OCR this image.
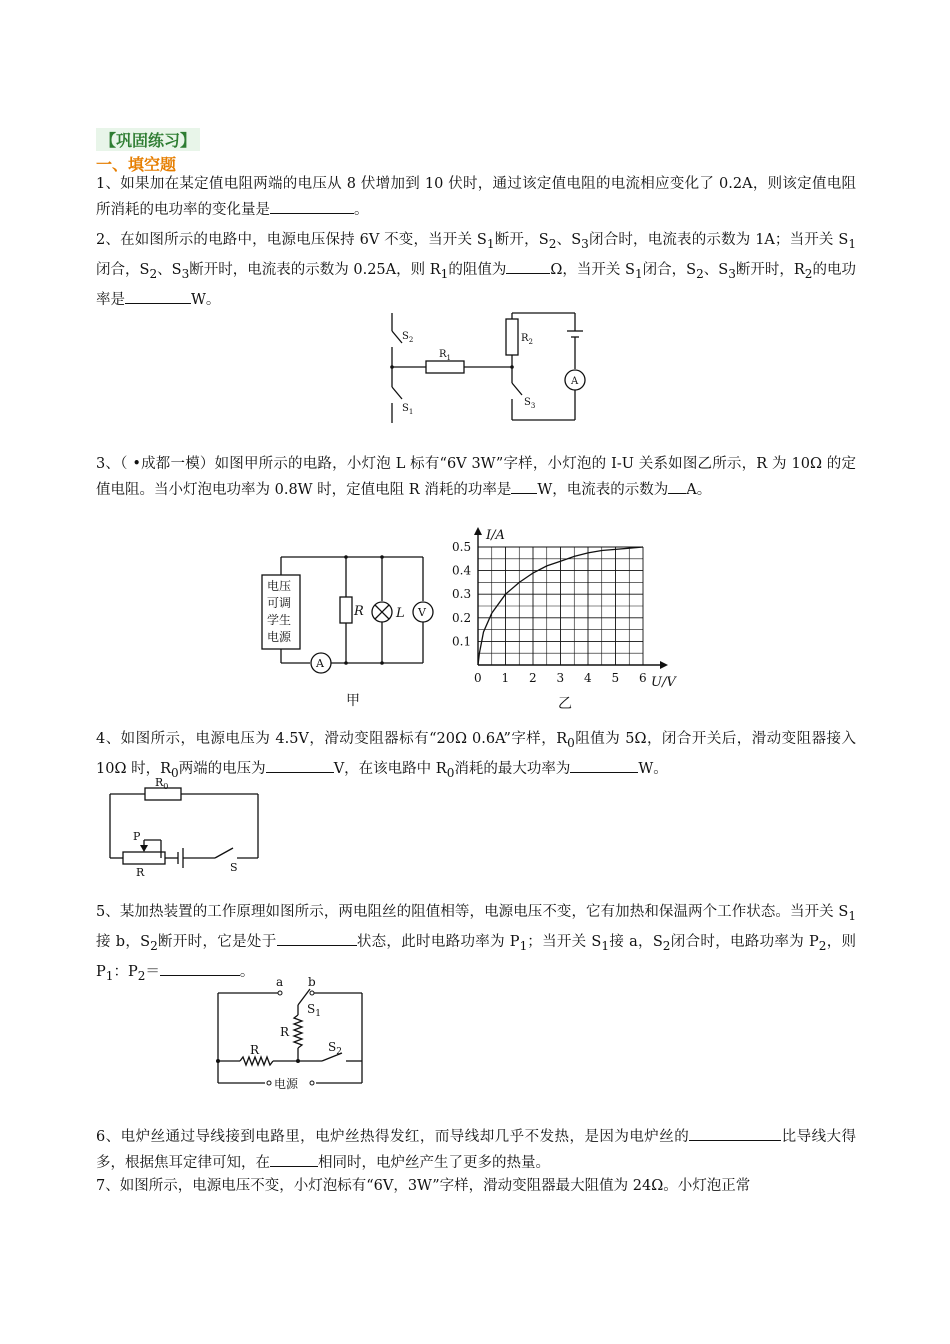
【巩固练习】
一、填空题
1、如果加在某定值电阻两端的电压从 8 伏增加到 10 伏时，通过该定值电阻的电流相应变化了 0.2A，则该定值电阻所消耗的电功率的变化量是	。
2、在如图所示的电路中，电源电压保持 6V 不变，当开关 $S_1$断开，$S_2$、$S_3$闭合时，电流表的示数为 1A；当开关 $S_1$闭合，$S_2$、$S_3$断开时，电流表的示数为 0.25A，则 $R_1$的阻值为	Ω，当开关 $S_1$闭合，$S_2$、$S_3$断开时，$R_2$的电功率是	W。
$S_2$
$R_1$
$R_2$
$S_1$
$S_3$
A
3、（ •成都一模）如图甲所示的电路，小灯泡 L 标有“6V 3W”字样，小灯泡的 I-U 关系如图乙所示，R 为 10Ω 的定值电阻。当小灯泡电功率为 0.8W 时，定值电阻 R 消耗的功率是 W，电流表的示数为 A。
电压
可调
学生
电源
R L V
A
甲
0 1 2 3 4 5 6
0.1
0.2
0.3
0.4
0.5
I/A
U/V
乙
4、如图所示，电源电压为 4.5V，滑动变阻器标有“20Ω 0.6A”字样，$R_0$阻值为 5Ω，闭合开关后，滑动变阻器接入 10Ω 时，$R_0$两端的电压为	V，在该电路中 $R_0$消耗的最大功率为	W。
$R_0$
P
R	S
5、某加热装置的工作原理如图所示，两电阻丝的阻值相等，电源电压不变，它有加热和保温两个工作状态。当开关 $S_1$接 b，$S_2$断开时，它是处于	状态，此时电路功率为 $P_1$；当开关 $S_1$接 a，$S_2$闭合时，电路功率为 $P_2$，则 $P_1$：$P_2=$	。
a b
$S_1$
R
R	$S_2$
电源
6、电炉丝通过导线接到电路里，电炉丝热得发红，而导线却几乎不发热，是因为电炉丝的	比导线大得多，根据焦耳定律可知，在	相同时，电炉丝产生了更多的热量。
7、如图所示，电源电压不变，小灯泡标有“6V，3W”字样，滑动变阻器最大阻值为 24Ω。小灯泡正常
